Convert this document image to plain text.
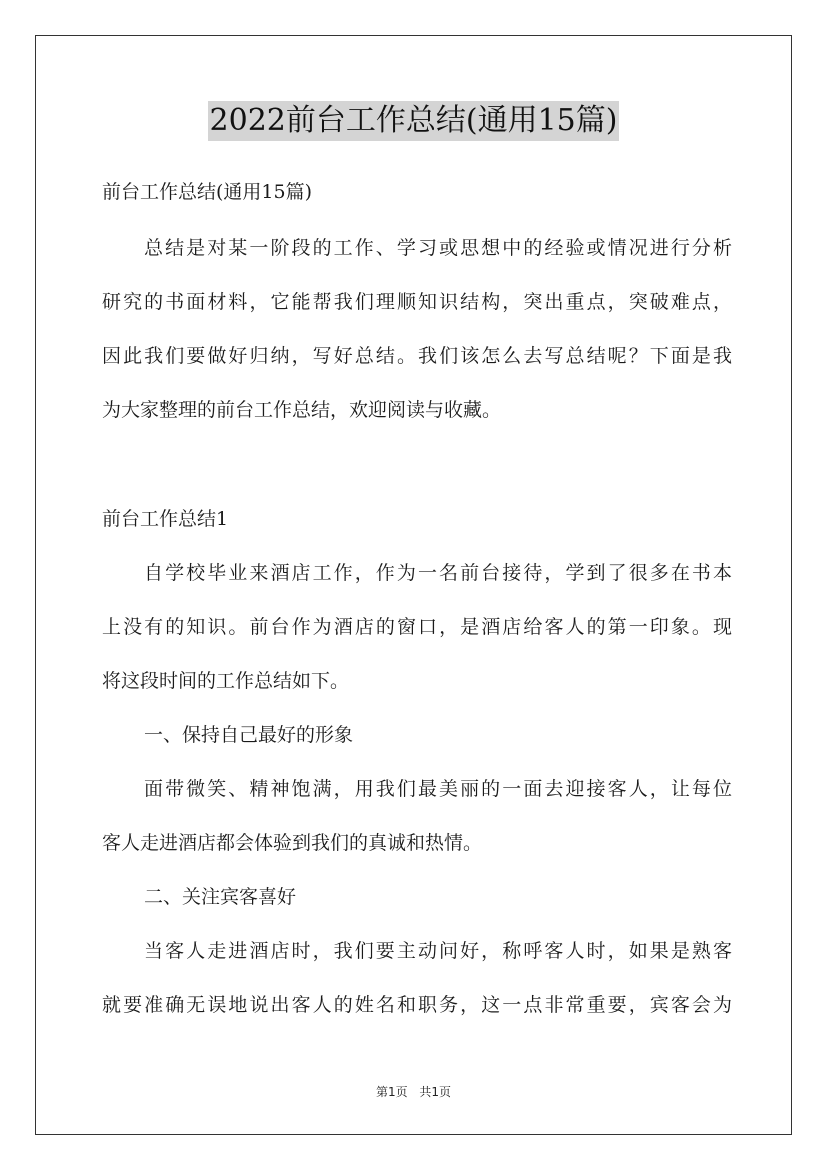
2022前台工作总结(通用15篇)
前台工作总结(通用15篇)
总结是对某一阶段的工作、学习或思想中的经验或情况进行分析
研究的书面材料，它能帮我们理顺知识结构，突出重点，突破难点，
因此我们要做好归纳，写好总结。我们该怎么去写总结呢？下面是我
为大家整理的前台工作总结，欢迎阅读与收藏。
前台工作总结1
自学校毕业来酒店工作，作为一名前台接待，学到了很多在书本
上没有的知识。前台作为酒店的窗口，是酒店给客人的第一印象。现
将这段时间的工作总结如下。
一、保持自己最好的形象
面带微笑、精神饱满，用我们最美丽的一面去迎接客人，让每位
客人走进酒店都会体验到我们的真诚和热情。
二、关注宾客喜好
当客人走进酒店时，我们要主动问好，称呼客人时，如果是熟客
就要准确无误地说出客人的姓名和职务，这一点非常重要，宾客会为
第1页 共1页
